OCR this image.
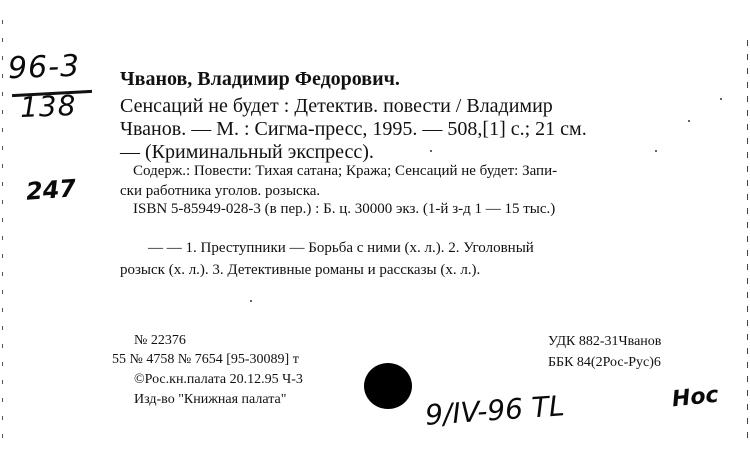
96-3
138
247
Чванов, Владимир Федорович.
Сенсаций не будет : Детектив. повести / Владимир
Чванов. — М. : Сигма-пресс, 1995. — 508,[1] с.; 21 см.
— (Криминальный экспресс).
Содерж.: Повести: Тихая сатана; Кража; Сенсаций не будет: Запи-
ски работника уголов. розыска.
ISBN 5-85949-028-3 (в пер.) : Б. ц. 30000 экз. (1-й з-д 1 — 15 тыс.)
— — 1. Преступники — Борьба с ними (х. л.). 2. Уголовный
розыск (х. л.). 3. Детективные романы и рассказы (х. л.).
№ 22376
55 № 4758 № 7654 [95-30089] т
©Рос.кн.палата 20.12.95 Ч-3
Изд-во "Книжная палата"
УДК 882-31Чванов
ББК 84(2Рос-Рус)6
9/IV-96 TL	Hoc
